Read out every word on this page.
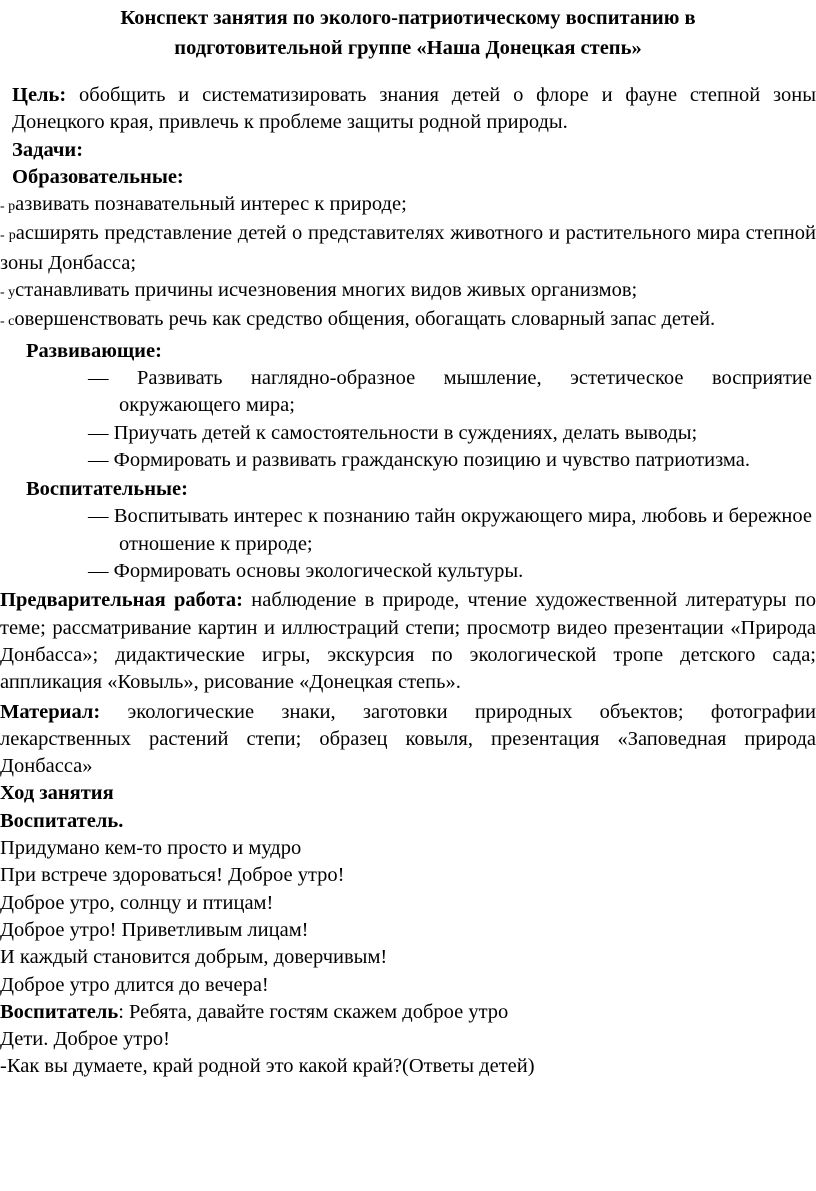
Конспект занятия по эколого-патриотическому воспитанию в
подготовительной группе «Наша Донецкая степь»

Цель: обобщить и систематизировать знания детей о флоре и фауне степной зоны Донецкого края, привлечь к проблеме защиты родной природы.

Задачи:

Образовательные:

- развивать познавательный интерес к природе;

- расширять представление детей о представителях животного и растительного мира степной зоны Донбасса;

- устанавливать причины исчезновения многих видов живых организмов;

- совершенствовать речь как средство общения, обогащать словарный запас детей.

Развивающие:

— Развивать наглядно-образное мышление, эстетическое восприятие окружающего мира;
— Приучать детей к самостоятельности в суждениях, делать выводы;
— Формировать и развивать гражданскую позицию и чувство патриотизма.

Воспитательные:

— Воспитывать интерес к познанию тайн окружающего мира, любовь и бережное отношение к природе;
— Формировать основы экологической культуры.

Предварительная работа: наблюдение в природе, чтение художественной литературы по теме; рассматривание картин и иллюстраций степи; просмотр видео презентации «Природа Донбасса»; дидактические игры, экскурсия по экологической тропе детского сада; аппликация «Ковыль», рисование «Донецкая степь».

Материал: экологические знаки, заготовки природных объектов; фотографии лекарственных растений степи; образец ковыля, презентация «Заповедная природа Донбасса»

Ход занятия

Воспитатель.

Придумано кем-то просто и мудро

При встрече здороваться! Доброе утро!

Доброе утро, солнцу и птицам!

Доброе утро! Приветливым лицам!

И каждый становится добрым, доверчивым!

Доброе утро длится до вечера!

Воспитатель: Ребята, давайте гостям скажем доброе утро

Дети. Доброе утро!

-Как вы думаете, край родной это какой край?(Ответы детей)
